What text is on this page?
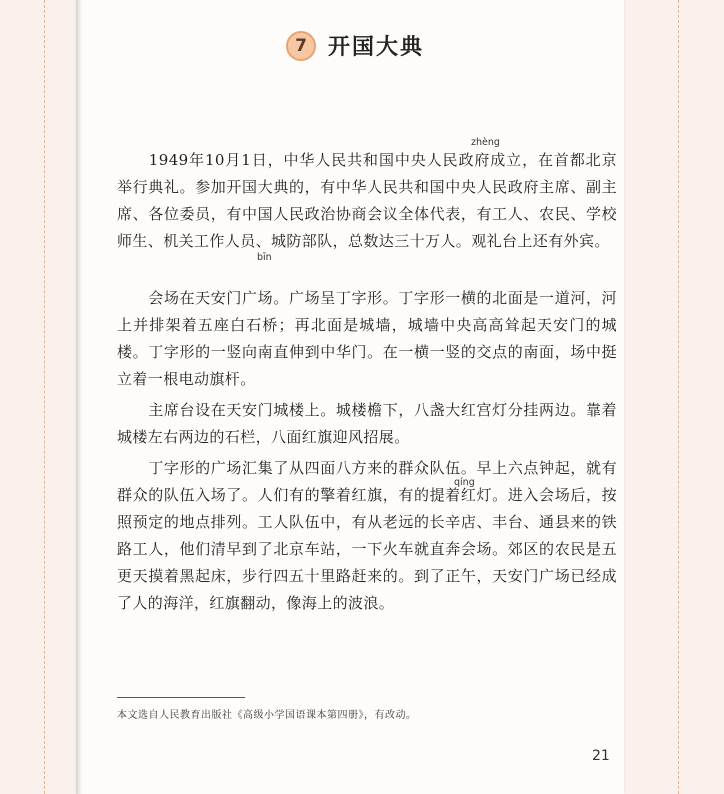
7 开国大典
zhèng
bīn
qíng
　　1949年10月1日，中华人民共和国中央人民政府成立，在首都北京举行典礼。参加开国大典的，有中华人民共和国中央人民政府主席、副主席、各位委员，有中国人民政治协商会议全体代表，有工人、农民、学校师生、机关工作人员、城防部队，总数达三十万人。观礼台上还有外宾。
　　会场在天安门广场。广场呈丁字形。丁字形一横的北面是一道河，河上并排架着五座白石桥；再北面是城墙，城墙中央高高耸起天安门的城楼。丁字形的一竖向南直伸到中华门。在一横一竖的交点的南面，场中挺立着一根电动旗杆。
　　主席台设在天安门城楼上。城楼檐下，八盏大红宫灯分挂两边。靠着城楼左右两边的石栏，八面红旗迎风招展。
　　丁字形的广场汇集了从四面八方来的群众队伍。早上六点钟起，就有群众的队伍入场了。人们有的擎着红旗，有的提着红灯。进入会场后，按照预定的地点排列。工人队伍中，有从老远的长辛店、丰台、通县来的铁路工人，他们清早到了北京车站，一下火车就直奔会场。郊区的农民是五更天摸着黑起床，步行四五十里路赶来的。到了正午，天安门广场已经成了人的海洋，红旗翻动，像海上的波浪。
本文选自人民教育出版社《高级小学国语课本第四册》，有改动。
21
